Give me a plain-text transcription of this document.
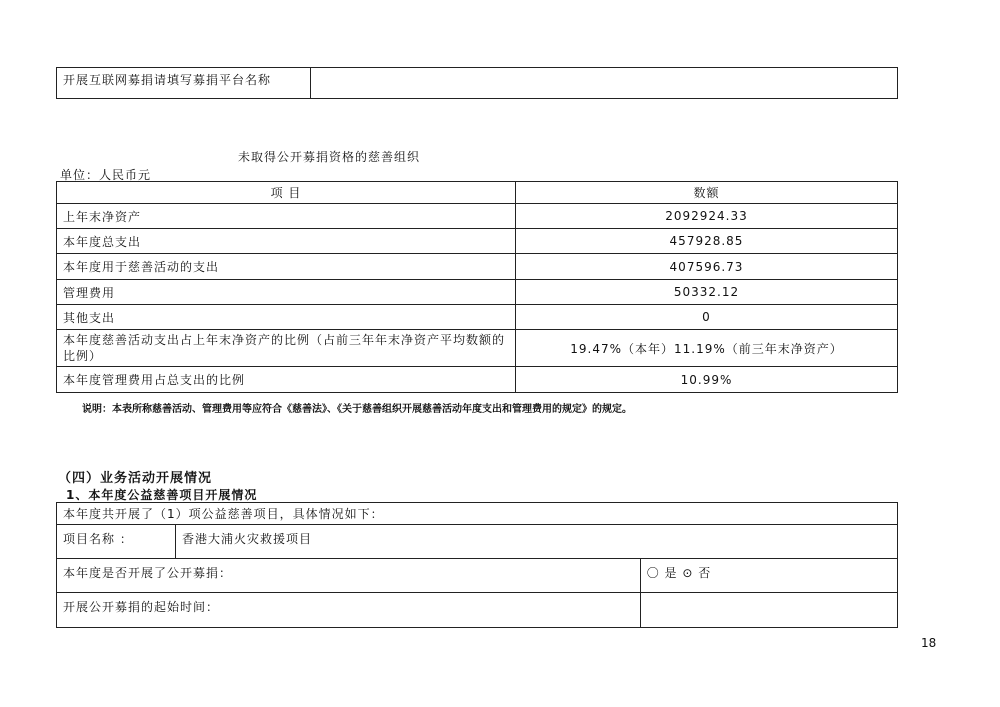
开展互联网募捐请填写募捐平台名称	
未取得公开募捐资格的慈善组织
单位：人民币元
项 目	数额
上年末净资产	2092924.33
本年度总支出	457928.85
本年度用于慈善活动的支出	407596.73
管理费用	50332.12
其他支出	0
本年度慈善活动支出占上年末净资产的比例（占前三年年末净资产平均数额的比例）	19.47%（本年）11.19%（前三年末净资产）
本年度管理费用占总支出的比例	10.99%
说明：本表所称慈善活动、管理费用等应符合《慈善法》、《关于慈善组织开展慈善活动年度支出和管理费用的规定》的规定。
（四）业务活动开展情况
1、本年度公益慈善项目开展情况
本年度共开展了（1）项公益慈善项目，具体情况如下：		
项目名称 ：	香港大浦火灾救援项目	
本年度是否开展了公开募捐：		〇 是 ⊙ 否
开展公开募捐的起始时间：		
18
